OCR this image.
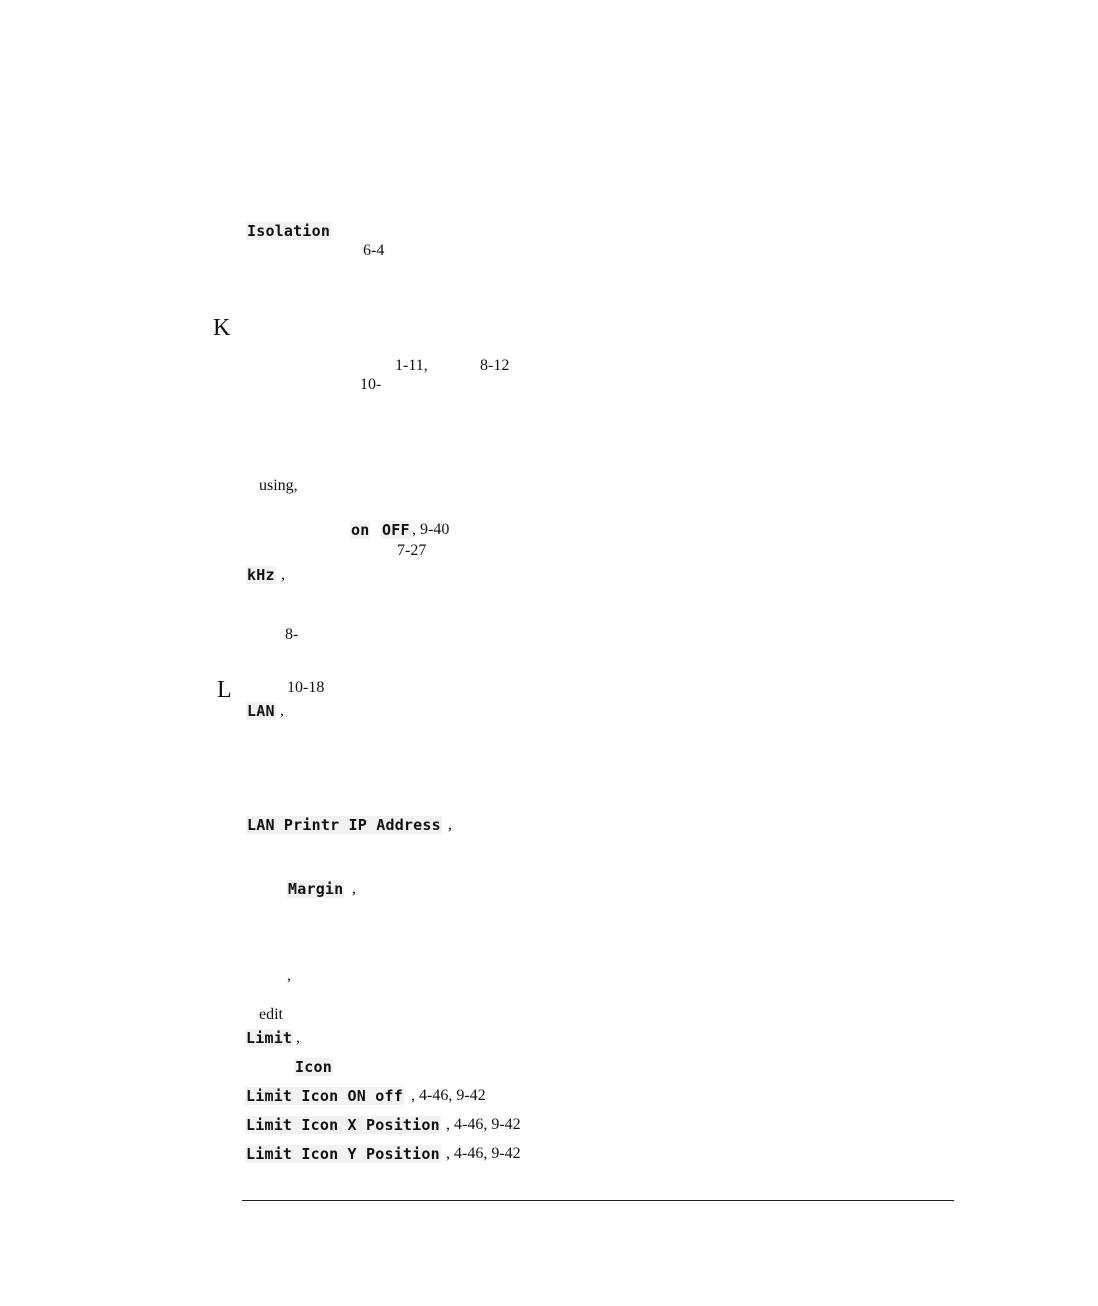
Isolation
6-4
K
1-11,	8-12
10-
using,
on OFF , 9-40
7-27
kHz ,
8-
L	10-18
LAN ,
LAN Printr IP Address ,
Margin ,
,
edit
Limit ,
Icon
Limit Icon ON off , 4-46, 9-42
Limit Icon X Position , 4-46, 9-42
Limit Icon Y Position , 4-46, 9-42
